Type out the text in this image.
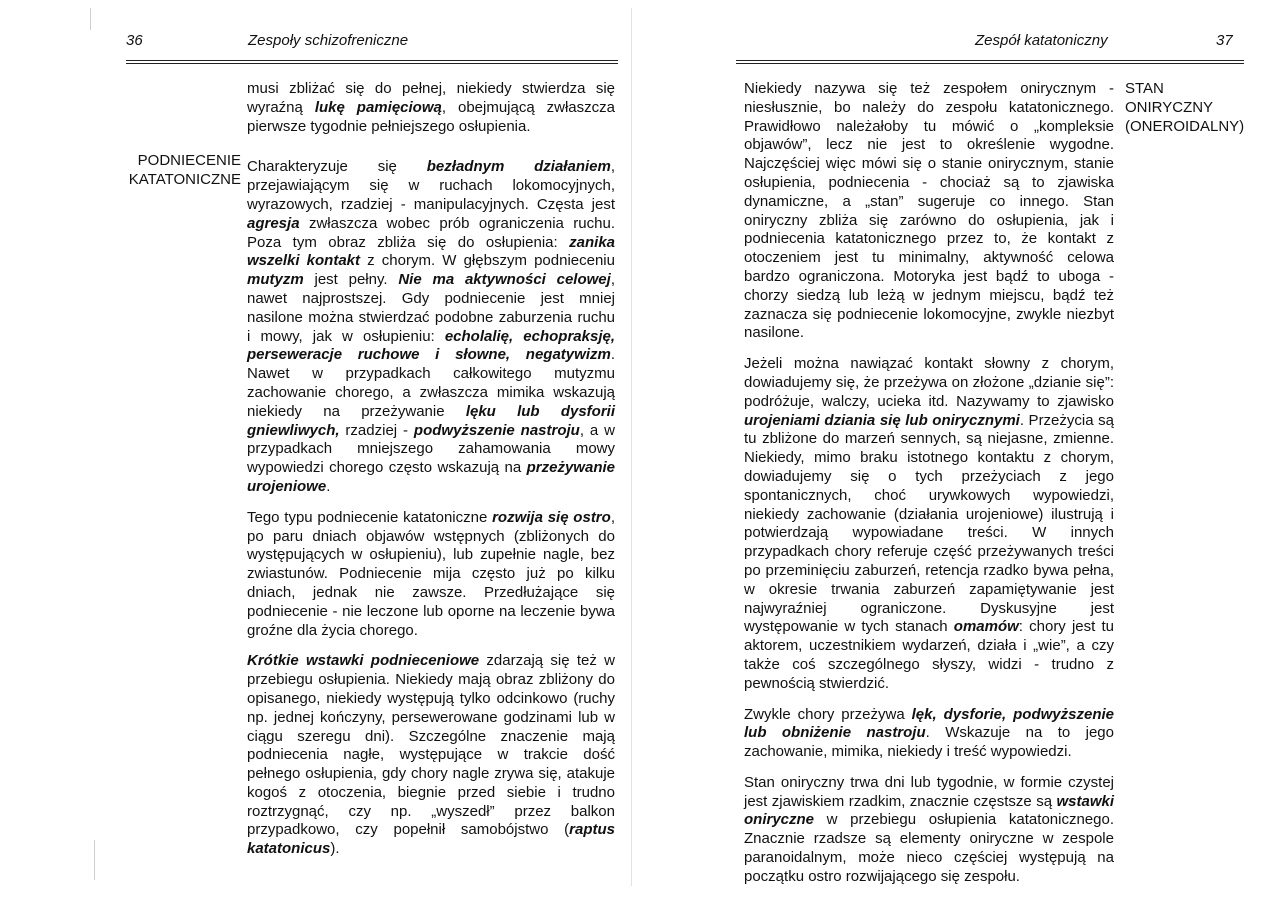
36	Zespoły schizofreniczne
PODNIECENIE
KATATONICZNE

musi zbliżać się do pełnej, niekiedy stwierdza się wyraźną lukę pamięciową, obejmującą zwłaszcza pierwsze tygodnie pełniejszego osłupienia.

Charakteryzuje się bezładnym działaniem, przejawiającym się w ruchach lokomocyjnych, wyrazowych, rzadziej - manipulacyjnych. Częsta jest agresja zwłaszcza wobec prób ograniczenia ruchu. Poza tym obraz zbliża się do osłupienia: zanika wszelki kontakt z chorym. W głębszym podnieceniu mutyzm jest pełny. Nie ma aktywności celowej, nawet najprostszej. Gdy podniecenie jest mniej nasilone można stwierdzać podobne zaburzenia ruchu i mowy, jak w osłupieniu: echolalię, echopraksję, perseweracje ruchowe i słowne, negatywizm. Nawet w przypadkach całkowitego mutyzmu zachowanie chorego, a zwłaszcza mimika wskazują niekiedy na przeżywanie lęku lub dysforii gniewliwych, rzadziej - podwyższenie nastroju, a w przypadkach mniejszego zahamowania mowy wypowiedzi chorego często wskazują na przeżywanie urojeniowe.

Tego typu podniecenie katatoniczne rozwija się ostro, po paru dniach objawów wstępnych (zbliżonych do występujących w osłupieniu), lub zupełnie nagle, bez zwiastunów. Podniecenie mija często już po kilku dniach, jednak nie zawsze. Przedłużające się podniecenie - nie leczone lub oporne na leczenie bywa groźne dla życia chorego.

Krótkie wstawki podnieceniowe zdarzają się też w przebiegu osłupienia. Niekiedy mają obraz zbliżony do opisanego, niekiedy występują tylko odcinkowo (ruchy np. jednej kończyny, persewerowane godzinami lub w ciągu szeregu dni). Szczególne znaczenie mają podniecenia nagłe, występujące w trakcie dość pełnego osłupienia, gdy chory nagle zrywa się, atakuje kogoś z otoczenia, biegnie przed siebie i trudno roztrzygnąć, czy np. „wyszedł” przez balkon przypadkowo, czy popełnił samobójstwo (raptus katatonicus).

Zespół katatoniczny	37

Niekiedy nazywa się też zespołem onirycznym - niesłusznie, bo należy do zespołu katatonicznego. Prawidłowo należałoby tu mówić o „kompleksie objawów”, lecz nie jest to określenie wygodne. Najczęściej więc mówi się o stanie onirycznym, stanie osłupienia, podniecenia - chociaż są to zjawiska dynamiczne, a „stan” sugeruje co innego. Stan oniryczny zbliża się zarówno do osłupienia, jak i podniecenia katatonicznego przez to, że kontakt z otoczeniem jest tu minimalny, aktywność celowa bardzo ograniczona. Motoryka jest bądź to uboga - chorzy siedzą lub leżą w jednym miejscu, bądź też zaznacza się podniecenie lokomocyjne, zwykle niezbyt nasilone.

Jeżeli można nawiązać kontakt słowny z chorym, dowiadujemy się, że przeżywa on złożone „dzianie się”: podróżuje, walczy, ucieka itd. Nazywamy to zjawisko urojeniami dziania się lub onirycznymi. Przeżycia są tu zbliżone do marzeń sennych, są niejasne, zmienne. Niekiedy, mimo braku istotnego kontaktu z chorym, dowiadujemy się o tych przeżyciach z jego spontanicznych, choć urywkowych wypowiedzi, niekiedy zachowanie (działania urojeniowe) ilustrują i potwierdzają wypowiadane treści. W innych przypadkach chory referuje część przeżywanych treści po przeminięciu zaburzeń, retencja rzadko bywa pełna, w okresie trwania zaburzeń zapamiętywanie jest najwyraźniej ograniczone. Dyskusyjne jest występowanie w tych stanach omamów: chory jest tu aktorem, uczestnikiem wydarzeń, działa i „wie”, a czy także coś szczególnego słyszy, widzi - trudno z pewnością stwierdzić.

Zwykle chory przeżywa lęk, dysforie, podwyższenie lub obniżenie nastroju. Wskazuje na to jego zachowanie, mimika, niekiedy i treść wypowiedzi.

Stan oniryczny trwa dni lub tygodnie, w formie czystej jest zjawiskiem rzadkim, znacznie częstsze są wstawki oniryczne w przebiegu osłupienia katatonicznego. Znacznie rzadsze są elementy oniryczne w zespole paranoidalnym, może nieco częściej występują na początku ostro rozwijającego się zespołu.

STAN
ONIRYCZNY
(ONEROIDALNY)
